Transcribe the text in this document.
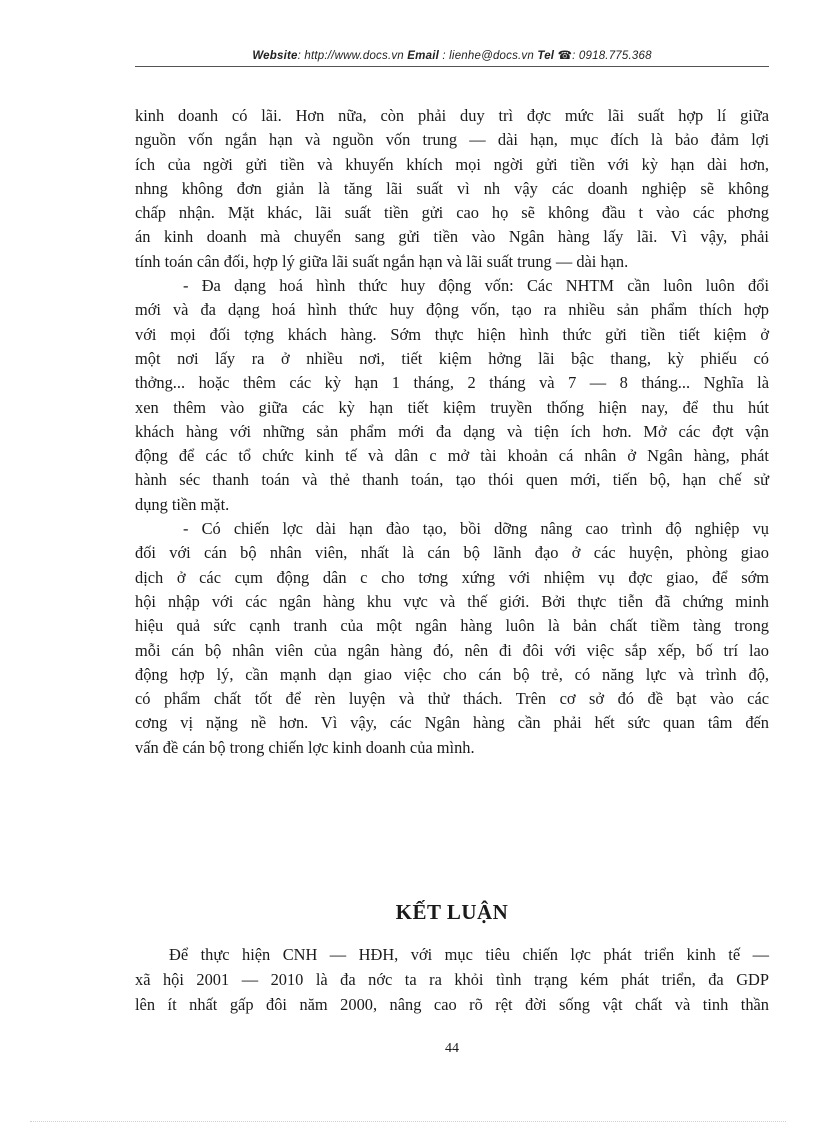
Website: http://www.docs.vn Email : lienhe@docs.vn Tel ☎: 0918.775.368
kinh doanh có lãi. Hơn nữa, còn phải duy trì đợc mức lãi suất hợp lí giữa
nguồn vốn ngắn hạn và nguồn vốn trung — dài hạn, mục đích là bảo đảm lợi
ích của ngời gửi tiền và khuyến khích mọi ngời gửi tiền với kỳ hạn dài hơn,
nhng không đơn giản là tăng lãi suất vì nh vậy các doanh nghiệp sẽ không
chấp nhận. Mặt khác, lãi suất tiền gửi cao họ sẽ không đầu t vào các phơng
án kinh doanh mà chuyển sang gửi tiền vào Ngân hàng lấy lãi. Vì vậy, phải
tính toán cân đối, hợp lý giữa lãi suất ngắn hạn và lãi suất trung — dài hạn.
- Đa dạng hoá hình thức huy động vốn: Các NHTM cần luôn luôn đổi
mới và đa dạng hoá hình thức huy động vốn, tạo ra nhiều sản phẩm thích hợp
với mọi đối tợng khách hàng. Sớm thực hiện hình thức gửi tiền tiết kiệm ở
một nơi lấy ra ở nhiều nơi, tiết kiệm hởng lãi bậc thang, kỳ phiếu có
thởng... hoặc thêm các kỳ hạn 1 tháng, 2 tháng và 7 — 8 tháng... Nghĩa là
xen thêm vào giữa các kỳ hạn tiết kiệm truyền thống hiện nay, để thu hút
khách hàng với những sản phẩm mới đa dạng và tiện ích hơn. Mở các đợt vận
động để các tổ chức kinh tế và dân c mở tài khoản cá nhân ở Ngân hàng, phát
hành séc thanh toán và thẻ thanh toán, tạo thói quen mới, tiến bộ, hạn chế sử
dụng tiền mặt.
- Có chiến lợc dài hạn đào tạo, bồi dỡng nâng cao trình độ nghiệp vụ
đối với cán bộ nhân viên, nhất là cán bộ lãnh đạo ở các huyện, phòng giao
dịch ở các cụm động dân c cho tơng xứng với nhiệm vụ đợc giao, để sớm
hội nhập với các ngân hàng khu vực và thế giới. Bởi thực tiễn đã chứng minh
hiệu quả sức cạnh tranh của một ngân hàng luôn là bản chất tiềm tàng trong
mỗi cán bộ nhân viên của ngân hàng đó, nên đi đôi với việc sắp xếp, bố trí lao
động hợp lý, cần mạnh dạn giao việc cho cán bộ trẻ, có năng lực và trình độ,
có phẩm chất tốt để rèn luyện và thử thách. Trên cơ sở đó đề bạt vào các
cơng vị nặng nề hơn. Vì vậy, các Ngân hàng cần phải hết sức quan tâm đến
vấn đề cán bộ trong chiến lợc kinh doanh của mình.
KẾT LUẬN
Để thực hiện CNH — HĐH, với mục tiêu chiến lợc phát triển kinh tế —
xã hội 2001 — 2010 là đa nớc ta ra khỏi tình trạng kém phát triển, đa GDP
lên ít nhất gấp đôi năm 2000, nâng cao rõ rệt đời sống vật chất và tinh thần
44
